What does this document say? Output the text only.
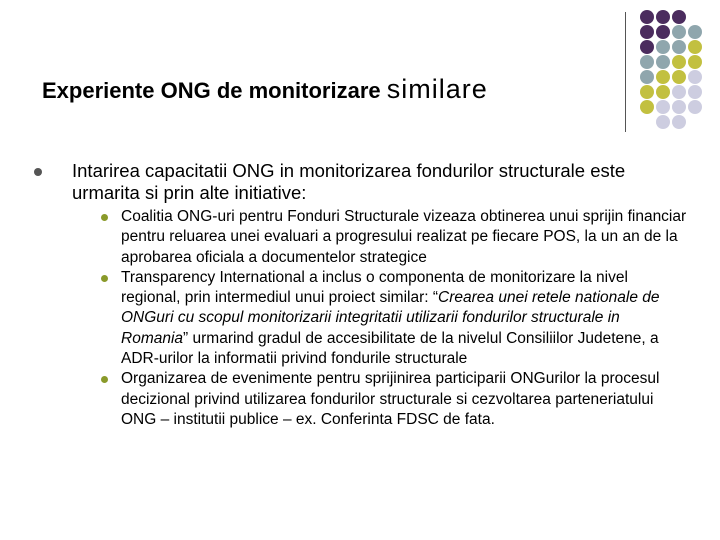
Experiente ONG de monitorizare similare
Intarirea capacitatii ONG in monitorizarea fondurilor structurale este urmarita si prin alte initiative:
Coalitia ONG-uri pentru Fonduri Structurale vizeaza obtinerea unui sprijin financiar pentru reluarea unei evaluari a progresului realizat pe fiecare POS, la un an de la aprobarea oficiala a documentelor strategice
Transparency International a inclus o componenta de monitorizare la nivel regional, prin intermediul unui proiect similar: “Crearea unei retele nationale de ONGuri cu scopul monitorizarii integritatii utilizarii fondurilor structurale in Romania” urmarind gradul de accesibilitate de la nivelul Consiliilor Judetene, a ADR-urilor la informatii privind fondurile structurale
Organizarea de evenimente pentru sprijinirea participarii ONGurilor la procesul decizional privind utilizarea fondurilor structurale si cezvoltarea parteneriatului ONG – institutii publice – ex. Conferinta FDSC de fata.
